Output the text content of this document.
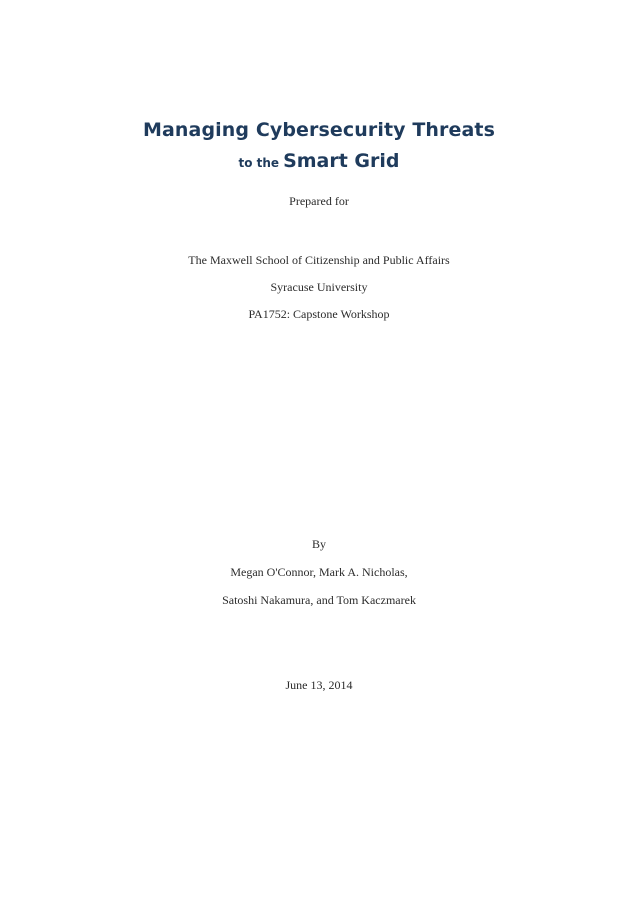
Managing Cybersecurity Threats
to the Smart Grid

Prepared for

The Maxwell School of Citizenship and Public Affairs

Syracuse University

PA1752: Capstone Workshop

By

Megan O'Connor, Mark A. Nicholas,

Satoshi Nakamura, and Tom Kaczmarek

June 13, 2014
